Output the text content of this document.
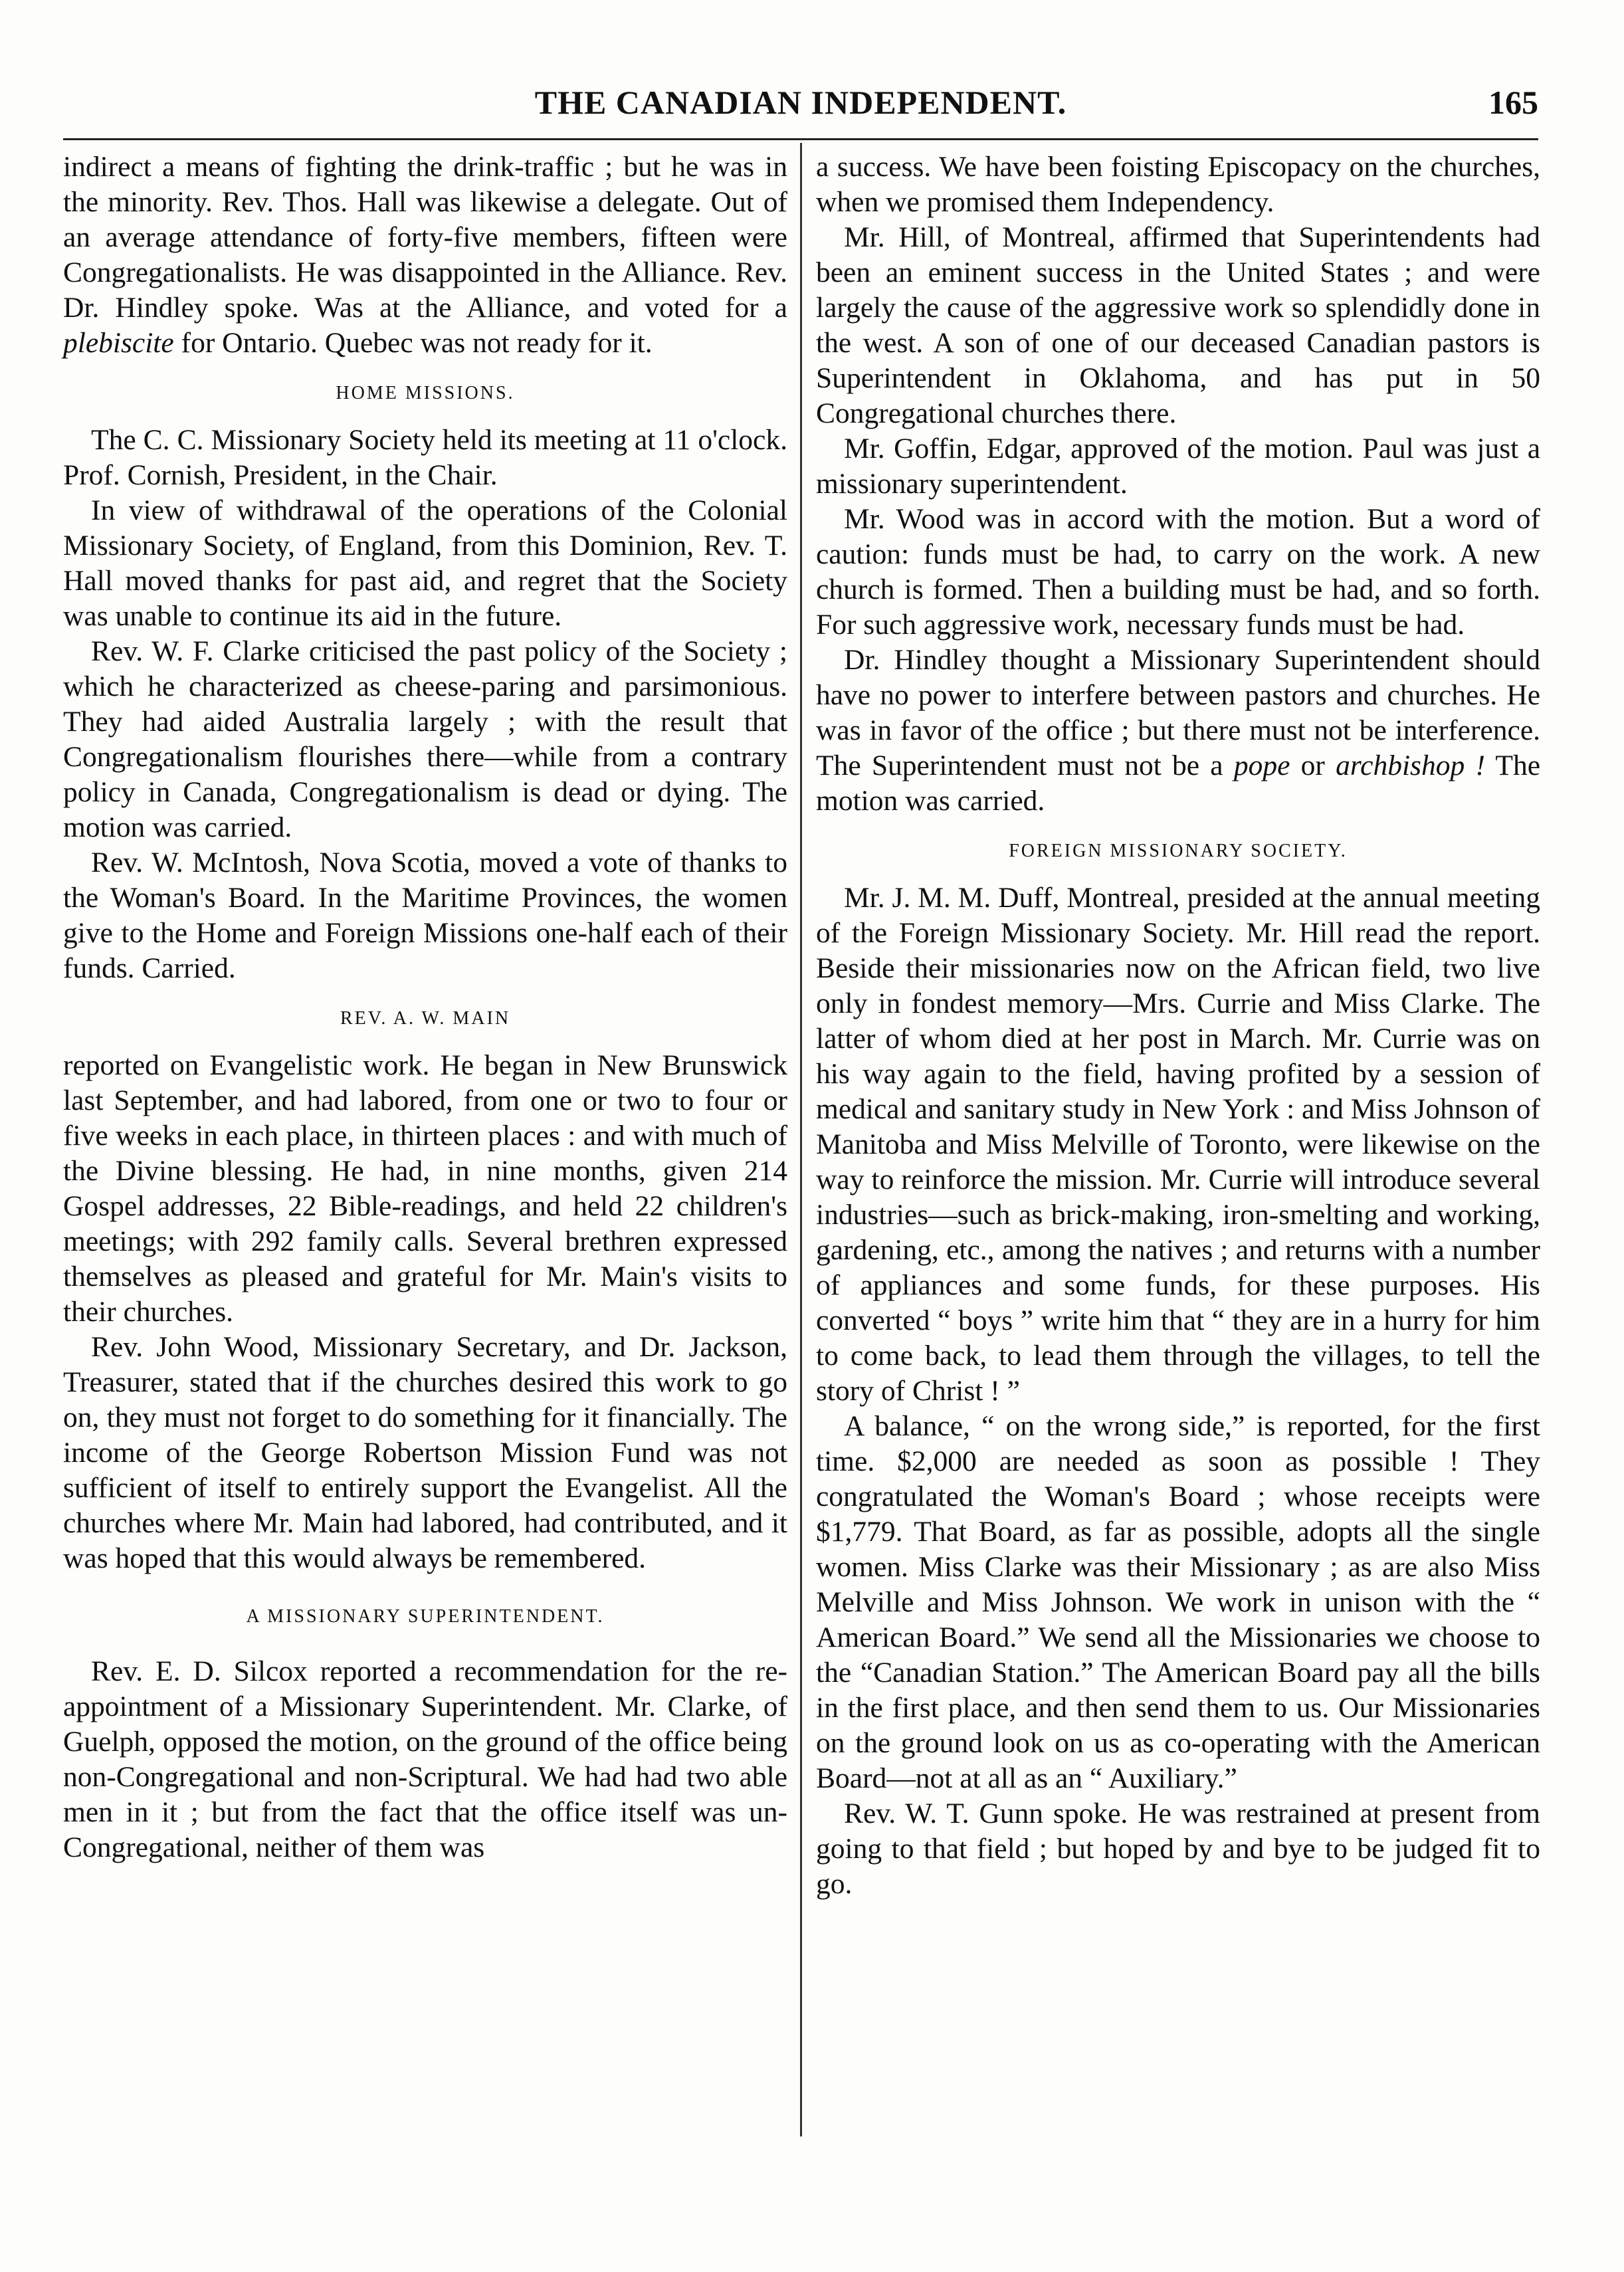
THE CANADIAN INDEPENDENT.	165

indirect a means of fighting the drink-traffic ; but he was in the minority. Rev. Thos. Hall was likewise a delegate. Out of an average attendance of forty-five members, fifteen were Congregationalists. He was disappointed in the Alliance. Rev. Dr. Hindley spoke. Was at the Alliance, and voted for a plebiscite for Ontario. Quebec was not ready for it.

HOME MISSIONS.

The C. C. Missionary Society held its meeting at 11 o'clock. Prof. Cornish, President, in the Chair.

In view of withdrawal of the operations of the Colonial Missionary Society, of England, from this Dominion, Rev. T. Hall moved thanks for past aid, and regret that the Society was unable to continue its aid in the future.

Rev. W. F. Clarke criticised the past policy of the Society ; which he characterized as cheese-paring and parsimonious. They had aided Australia largely ; with the result that Congregationalism flourishes there—while from a contrary policy in Canada, Congregationalism is dead or dying. The motion was carried.

Rev. W. McIntosh, Nova Scotia, moved a vote of thanks to the Woman's Board. In the Maritime Provinces, the women give to the Home and Foreign Missions one-half each of their funds. Carried.

REV. A. W. MAIN

reported on Evangelistic work. He began in New Brunswick last September, and had labored, from one or two to four or five weeks in each place, in thirteen places : and with much of the Divine blessing. He had, in nine months, given 214 Gospel addresses, 22 Bible-readings, and held 22 children's meetings; with 292 family calls. Several brethren expressed themselves as pleased and grateful for Mr. Main's visits to their churches.

Rev. John Wood, Missionary Secretary, and Dr. Jackson, Treasurer, stated that if the churches desired this work to go on, they must not forget to do something for it financially. The income of the George Robertson Mission Fund was not sufficient of itself to entirely support the Evangelist. All the churches where Mr. Main had labored, had contributed, and it was hoped that this would always be remembered.

A MISSIONARY SUPERINTENDENT.

Rev. E. D. Silcox reported a recommendation for the re-appointment of a Missionary Superintendent. Mr. Clarke, of Guelph, opposed the motion, on the ground of the office being non-Congregational and non-Scriptural. We had had two able men in it ; but from the fact that the office itself was un-Congregational, neither of them was

a success. We have been foisting Episcopacy on the churches, when we promised them Independency.

Mr. Hill, of Montreal, affirmed that Superintendents had been an eminent success in the United States ; and were largely the cause of the aggressive work so splendidly done in the west. A son of one of our deceased Canadian pastors is Superintendent in Oklahoma, and has put in 50 Congregational churches there.

Mr. Goffin, Edgar, approved of the motion. Paul was just a missionary superintendent.

Mr. Wood was in accord with the motion. But a word of caution: funds must be had, to carry on the work. A new church is formed. Then a building must be had, and so forth. For such aggressive work, necessary funds must be had.

Dr. Hindley thought a Missionary Superintendent should have no power to interfere between pastors and churches. He was in favor of the office ; but there must not be interference. The Superintendent must not be a pope or archbishop ! The motion was carried.

FOREIGN MISSIONARY SOCIETY.

Mr. J. M. M. Duff, Montreal, presided at the annual meeting of the Foreign Missionary Society. Mr. Hill read the report. Beside their missionaries now on the African field, two live only in fondest memory—Mrs. Currie and Miss Clarke. The latter of whom died at her post in March. Mr. Currie was on his way again to the field, having profited by a session of medical and sanitary study in New York : and Miss Johnson of Manitoba and Miss Melville of Toronto, were likewise on the way to reinforce the mission. Mr. Currie will introduce several industries—such as brick-making, iron-smelting and working, gardening, etc., among the natives ; and returns with a number of appliances and some funds, for these purposes. His converted “ boys ” write him that “ they are in a hurry for him to come back, to lead them through the villages, to tell the story of Christ ! ”

A balance, “ on the wrong side,” is reported, for the first time. $2,000 are needed as soon as possible ! They congratulated the Woman's Board ; whose receipts were $1,779. That Board, as far as possible, adopts all the single women. Miss Clarke was their Missionary ; as are also Miss Melville and Miss Johnson. We work in unison with the “ American Board.” We send all the Missionaries we choose to the “Canadian Station.” The American Board pay all the bills in the first place, and then send them to us. Our Missionaries on the ground look on us as co-operating with the American Board—not at all as an “ Auxiliary.”

Rev. W. T. Gunn spoke. He was restrained at present from going to that field ; but hoped by and bye to be judged fit to go.
